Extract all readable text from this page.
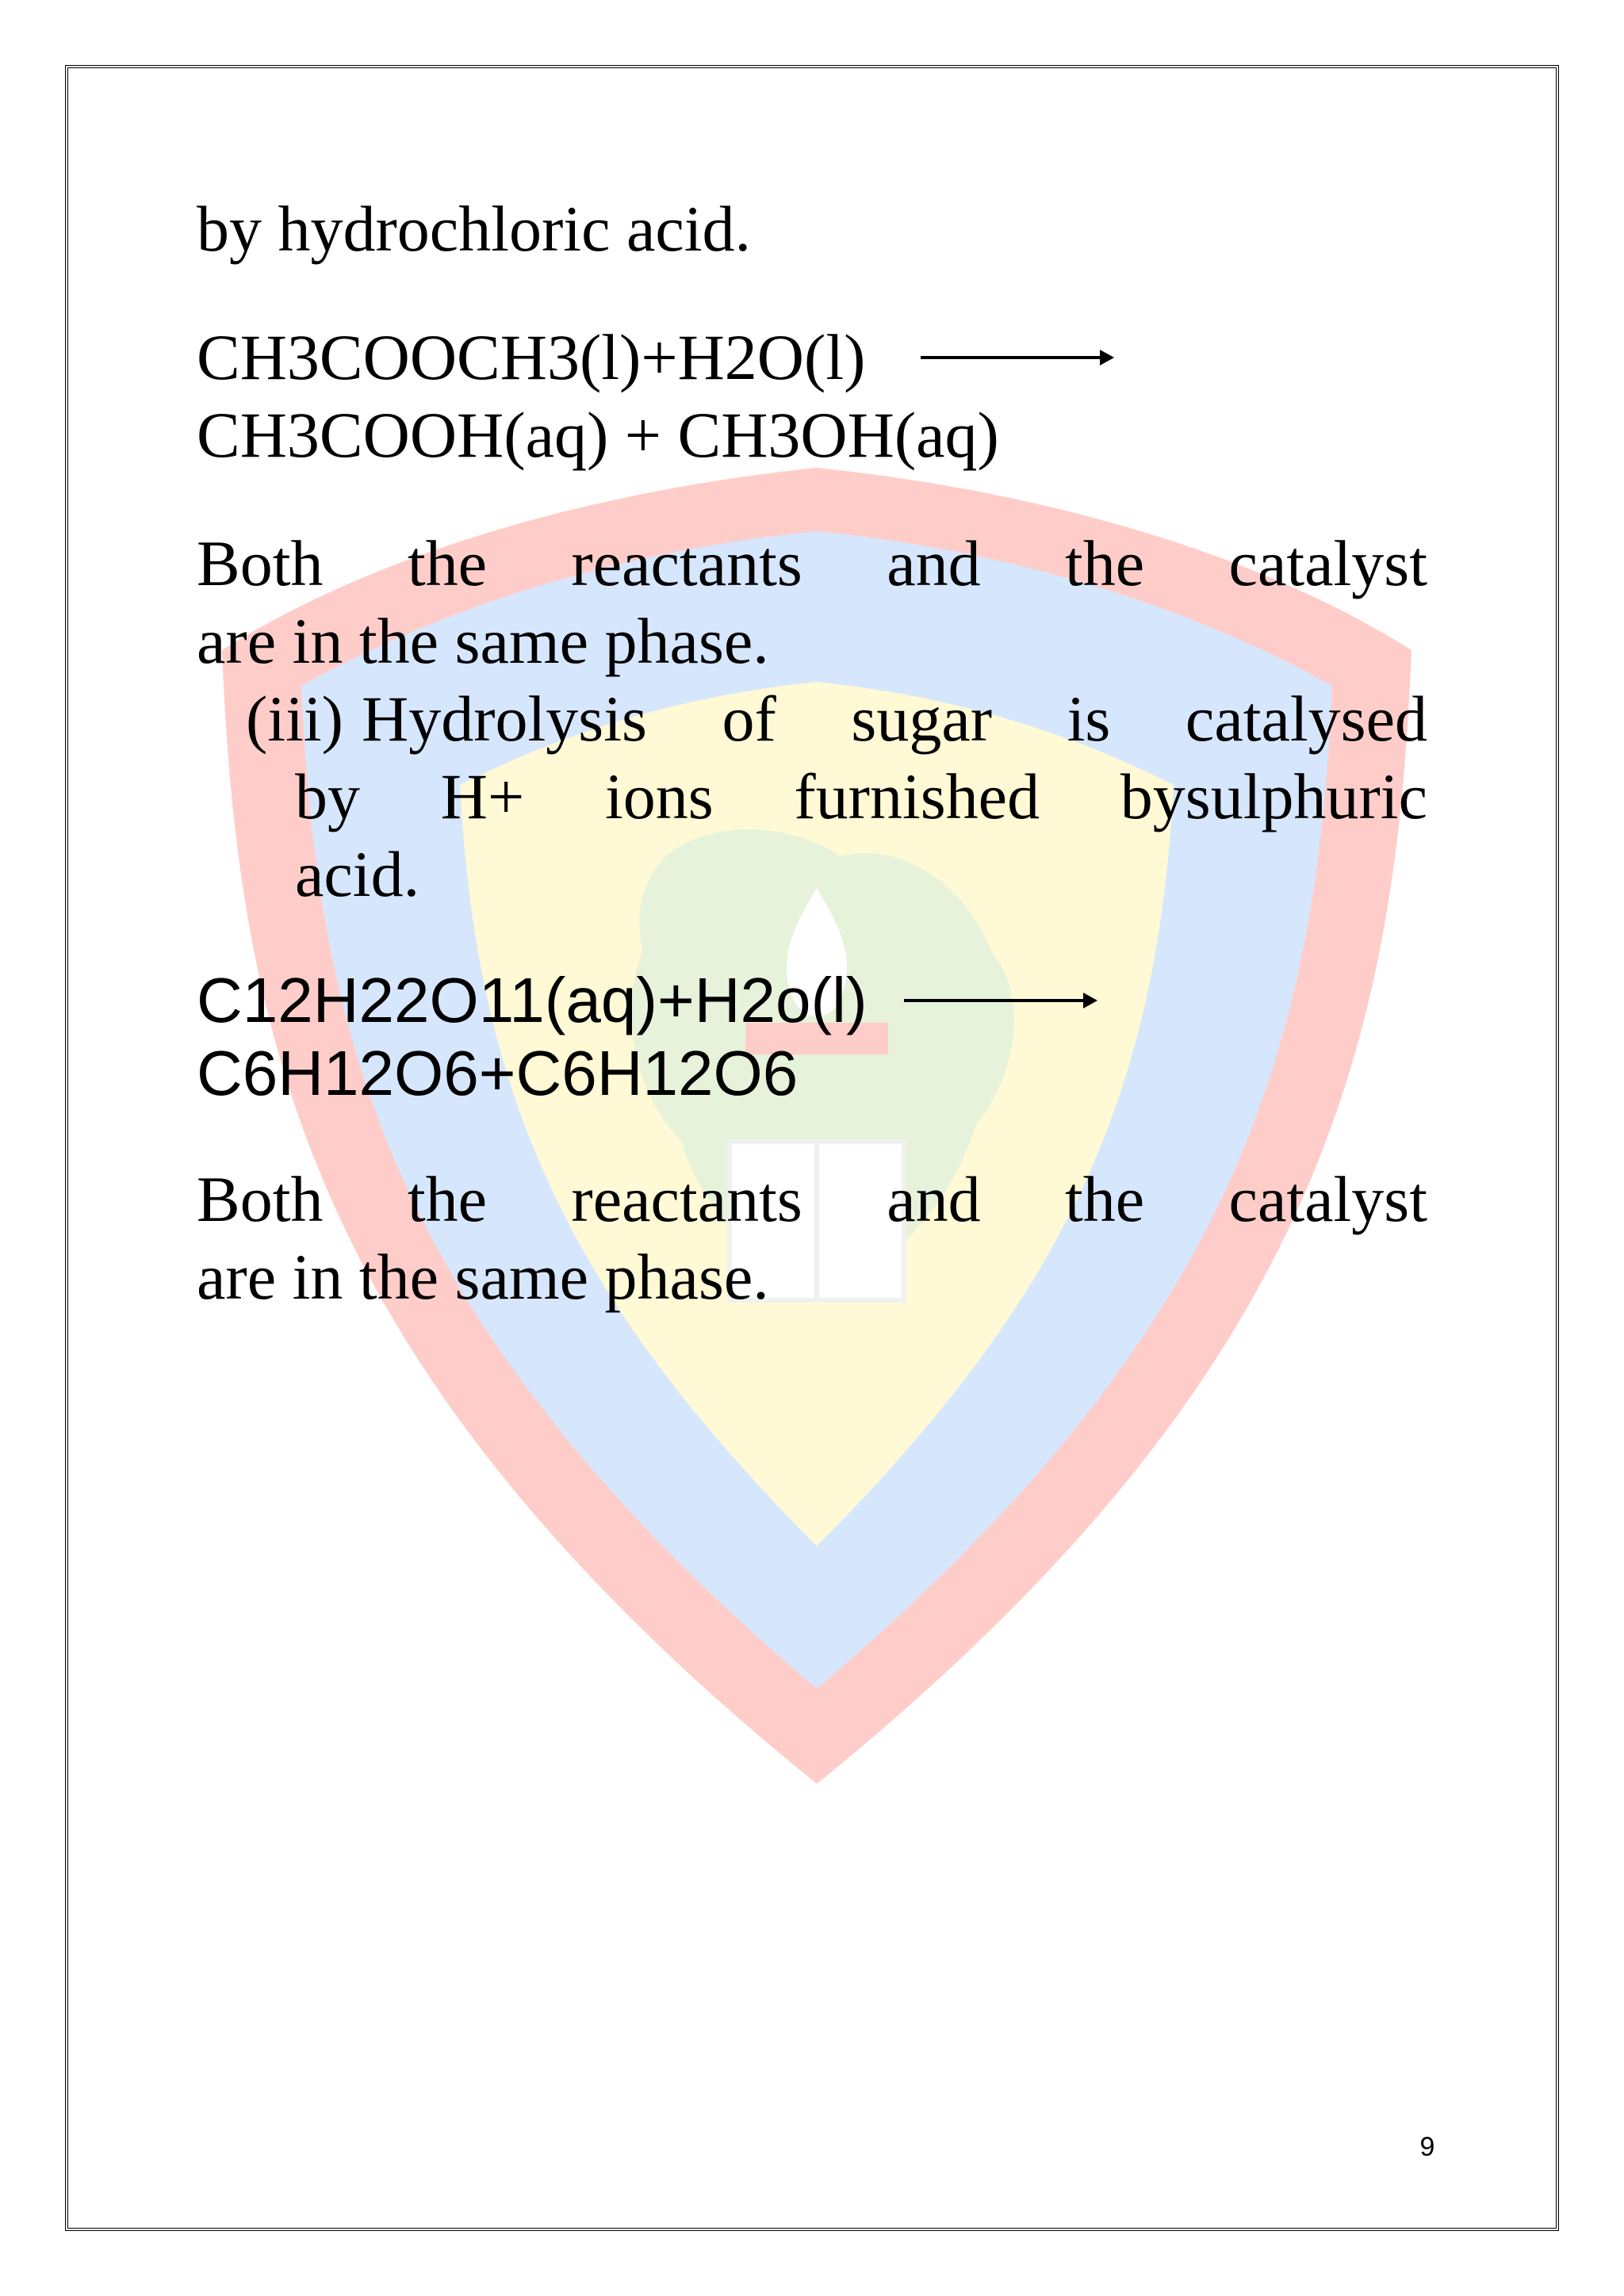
by hydrochloric acid.

CH3COOCH3(l)+H2O(l) →

CH3COOH(aq) + CH3OH(aq)

Both the reactants and the catalyst

are in the same phase.

(iii) Hydrolysis of sugar is catalysed
by H+ ions furnished bysulphuric
acid.
C12H22O11(aq)+H2o(l) →

C6H12O6+C6H12O6

Both the reactants and the catalyst

are in the same phase.

9
